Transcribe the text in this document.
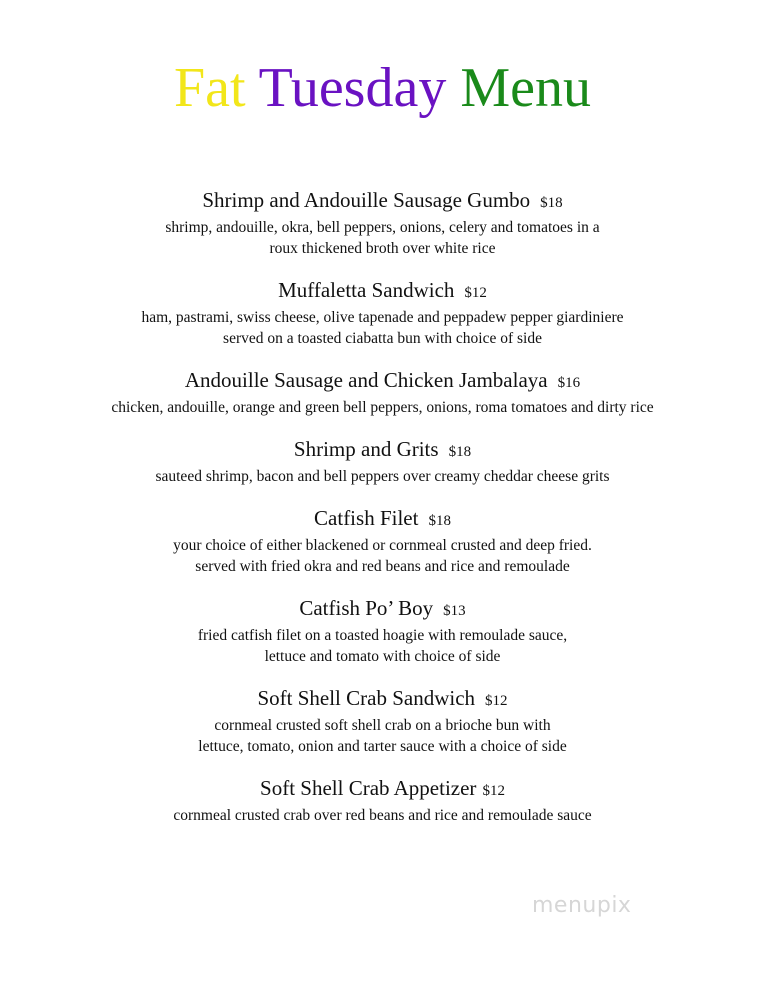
Fat Tuesday Menu
Shrimp and Andouille Sausage Gumbo $18
shrimp, andouille, okra, bell peppers, onions, celery and tomatoes in a
roux thickened broth over white rice
Muffaletta Sandwich $12
ham, pastrami, swiss cheese, olive tapenade and peppadew pepper giardiniere
served on a toasted ciabatta bun with choice of side
Andouille Sausage and Chicken Jambalaya $16
chicken, andouille, orange and green bell peppers, onions, roma tomatoes and dirty rice
Shrimp and Grits $18
sauteed shrimp, bacon and bell peppers over creamy cheddar cheese grits
Catfish Filet $18
your choice of either blackened or cornmeal crusted and deep fried.
served with fried okra and red beans and rice and remoulade
Catfish Po’ Boy $13
fried catfish filet on a toasted hoagie with remoulade sauce,
lettuce and tomato with choice of side
Soft Shell Crab Sandwich $12
cornmeal crusted soft shell crab on a brioche bun with
lettuce, tomato, onion and tarter sauce with a choice of side
Soft Shell Crab Appetizer $12
cornmeal crusted crab over red beans and rice and remoulade sauce
menupix
